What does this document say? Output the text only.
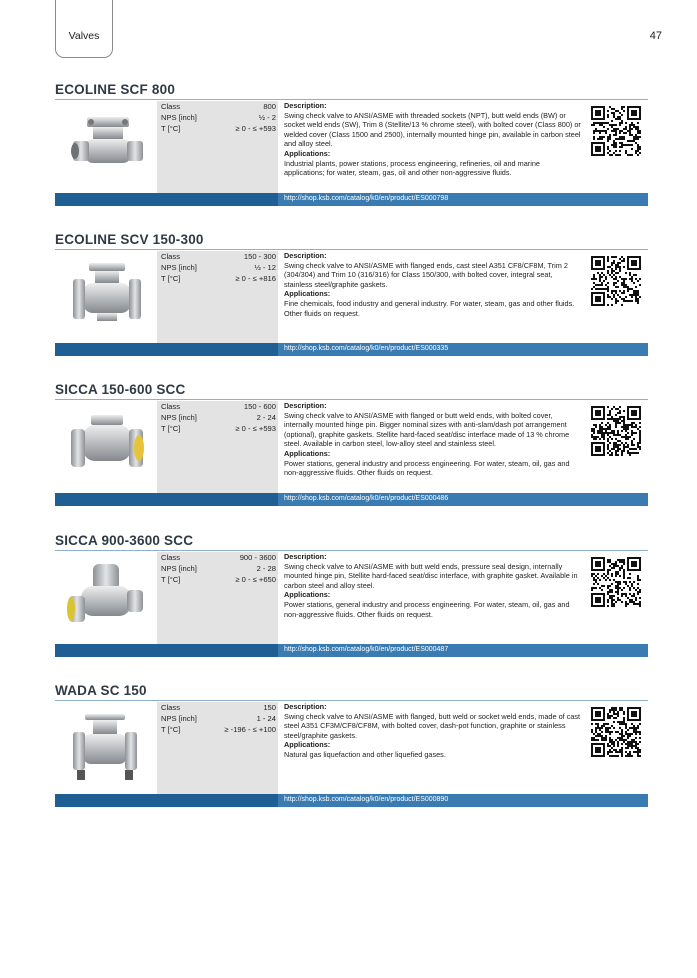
Valves	47
ECOLINE SCF 800
Class	800
NPS [inch]	½ - 2
T [°C]	≥ 0 - ≤ +593
Description:
Swing check valve to ANSI/ASME with threaded sockets (NPT), butt weld ends (BW) or socket weld ends (SW), Trim 8 (Stellite/13 % chrome steel), with bolted cover (Class 800) or welded cover (Class 1500 and 2500), internally mounted hinge pin, available in carbon steel and alloy steel.
Applications:
Industrial plants, power stations, process engineering, refineries, oil and marine applications; for water, steam, gas, oil and other non-aggressive fluids.
http://shop.ksb.com/catalog/k0/en/product/ES000798
ECOLINE SCV 150-300
Class	150 - 300
NPS [inch]	½ - 12
T [°C]	≥ 0 - ≤ +816
Description:
Swing check valve to ANSI/ASME with flanged ends, cast steel A351 CF8/CF8M, Trim 2 (304/304) and Trim 10 (316/316) for Class 150/300, with bolted cover, integral seat, stainless steel/graphite gaskets.
Applications:
Fine chemicals, food industry and general industry. For water, steam, gas and other fluids. Other fluids on request.
http://shop.ksb.com/catalog/k0/en/product/ES000335
SICCA 150-600 SCC
Class	150 - 600
NPS [inch]	2 - 24
T [°C]	≥ 0 - ≤ +593
Description:
Swing check valve to ANSI/ASME with flanged or butt weld ends, with bolted cover, internally mounted hinge pin. Bigger nominal sizes with anti-slam/dash pot arrangement (optional), graphite gaskets. Stellite hard-faced seat/disc interface made of 13 % chrome steel. Available in carbon steel, low-alloy steel and stainless steel.
Applications:
Power stations, general industry and process engineering. For water, steam, oil, gas and non-aggressive fluids. Other fluids on request.
http://shop.ksb.com/catalog/k0/en/product/ES000486
SICCA 900-3600 SCC
Class	900 - 3600
NPS [inch]	2 - 28
T [°C]	≥ 0 - ≤ +650
Description:
Swing check valve to ANSI/ASME with butt weld ends, pressure seal design, internally mounted hinge pin, Stellite hard-faced seat/disc interface, with graphite gasket. Available in carbon steel and alloy steel.
Applications:
Power stations, general industry and process engineering. For water, steam, oil, gas and non-aggressive fluids. Other fluids on request.
http://shop.ksb.com/catalog/k0/en/product/ES000487
WADA SC 150
Class	150
NPS [inch]	1 - 24
T [°C]	≥ -196 - ≤ +100
Description:
Swing check valve to ANSI/ASME with flanged, butt weld or socket weld ends, made of cast steel A351 CF3M/CF8/CF8M, with bolted cover, dash-pot function, graphite or stainless steel/graphite gaskets.
Applications:
Natural gas liquefaction and other liquefied gases.
http://shop.ksb.com/catalog/k0/en/product/ES000890
